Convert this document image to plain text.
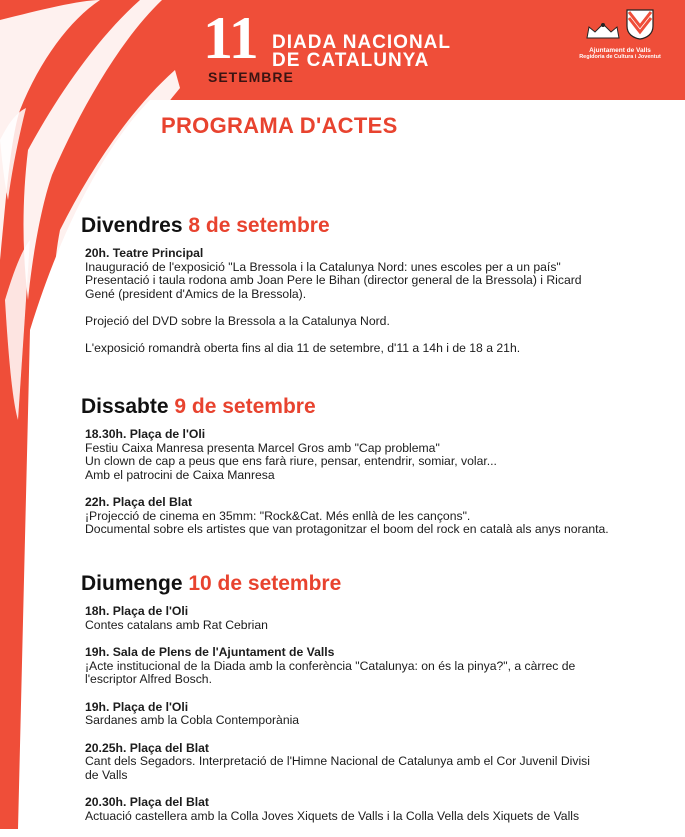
11 DIADA NACIONAL
DE CATALUNYA
SETEMBRE

Ajuntament de Valls
Regidoria de Cultura i Joventut
PROGRAMA D'ACTES
Divendres 8 de setembre
20h. Teatre Principal
Inauguració de l'exposició "La Bressola i la Catalunya Nord: unes escoles per a un país"
Presentació i taula rodona amb Joan Pere le Bihan (director general de la Bressola) i Ricard
Gené (president d'Amics de la Bressola).
Projeció del DVD sobre la Bressola a la Catalunya Nord.
L'exposició romandrà oberta fins al dia 11 de setembre, d'11 a 14h i de 18 a 21h.
Dissabte 9 de setembre
18.30h. Plaça de l'Oli
Festiu Caixa Manresa presenta Marcel Gros amb "Cap problema"
Un clown de cap a peus que ens farà riure, pensar, entendrir, somiar, volar...
Amb el patrocini de Caixa Manresa
22h. Plaça del Blat
¡Projecció de cinema en 35mm: "Rock&Cat. Més enllà de les cançons".
Documental sobre els artistes que van protagonitzar el boom del rock en català als anys noranta.
Diumenge 10 de setembre
18h. Plaça de l'Oli
Contes catalans amb Rat Cebrian
19h. Sala de Plens de l'Ajuntament de Valls
¡Acte institucional de la Diada amb la conferència "Catalunya: on és la pinya?", a càrrec de
l'escriptor Alfred Bosch.
19h. Plaça de l'Oli
Sardanes amb la Cobla Contemporània
20.25h. Plaça del Blat
Cant dels Segadors. Interpretació de l'Himne Nacional de Catalunya amb el Cor Juvenil Divisi
de Valls
20.30h. Plaça del Blat
Actuació castellera amb la Colla Joves Xiquets de Valls i la Colla Vella dels Xiquets de Valls
